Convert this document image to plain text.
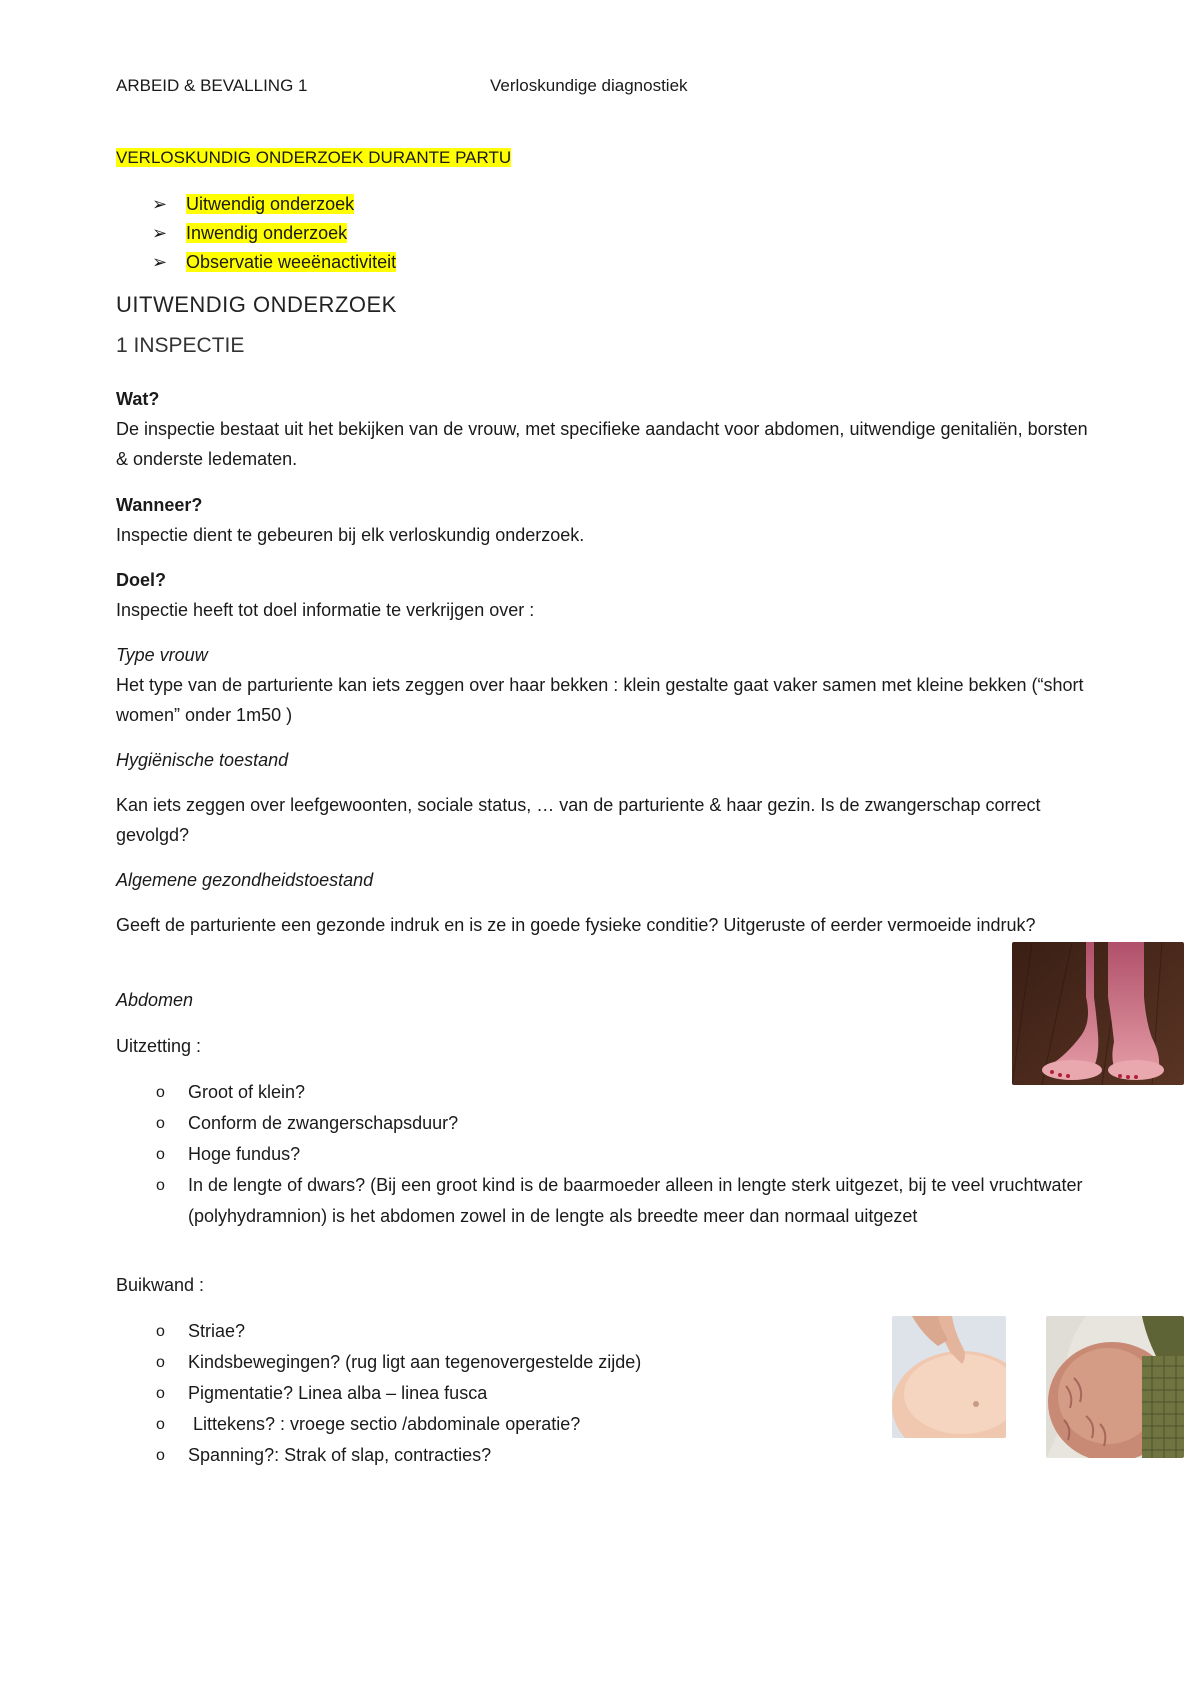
ARBEID & BEVALLING 1	Verloskundige diagnostiek
VERLOSKUNDIG ONDERZOEK DURANTE PARTU
➢ Uitwendig onderzoek
➢ Inwendig onderzoek
➢ Observatie weeënactiviteit
UITWENDIG ONDERZOEK
1 INSPECTIE
Wat?
De inspectie bestaat uit het bekijken van de vrouw, met specifieke aandacht voor abdomen, uitwendige genitaliën, borsten & onderste ledematen.
Wanneer?
Inspectie dient te gebeuren bij elk verloskundig onderzoek.
Doel?
Inspectie heeft tot doel informatie te verkrijgen over :
Type vrouw
Het type van de parturiente kan iets zeggen over haar bekken : klein gestalte gaat vaker samen met kleine bekken (“short women” onder 1m50 )
Hygiënische toestand
Kan iets zeggen over leefgewoonten, sociale status, … van de parturiente & haar gezin. Is de zwangerschap correct gevolgd?
Algemene gezondheidstoestand
Geeft de parturiente een gezonde indruk en is ze in goede fysieke conditie? Uitgeruste of eerder vermoeide indruk?
Abdomen
Uitzetting :
o Groot of klein?
o Conform de zwangerschapsduur?
o Hoge fundus?
o In de lengte of dwars? (Bij een groot kind is de baarmoeder alleen in lengte sterk uitgezet, bij te veel vruchtwater (polyhydramnion) is het abdomen zowel in de lengte als breedte meer dan normaal uitgezet
Buikwand :
o Striae?
o Kindsbewegingen? (rug ligt aan tegenovergestelde zijde)
o Pigmentatie? Linea alba – linea fusca
o Littekens? : vroege sectio /abdominale operatie?
o Spanning?: Strak of slap, contracties?
